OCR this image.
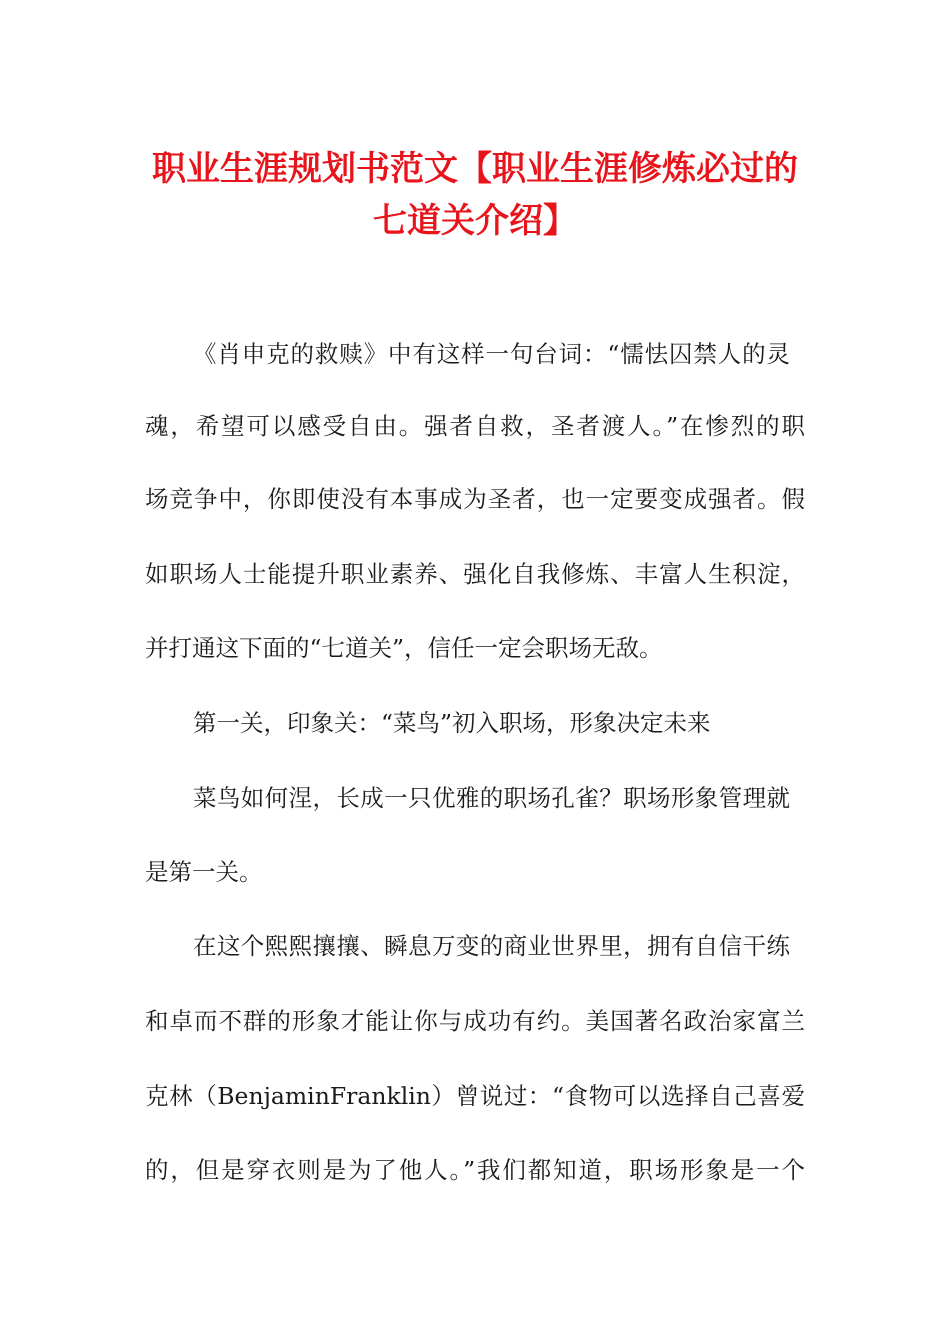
职业生涯规划书范文【职业生涯修炼必过的
七道关介绍】
《肖申克的救赎》中有这样一句台词：“懦怯囚禁人的灵
魂，希望可以感受自由。强者自救，圣者渡人。”在惨烈的职
场竞争中，你即使没有本事成为圣者，也一定要变成强者。假
如职场人士能提升职业素养、强化自我修炼、丰富人生积淀，
并打通这下面的“七道关”，信任一定会职场无敌。
第一关，印象关：“菜鸟”初入职场，形象决定未来
菜鸟如何涅，长成一只优雅的职场孔雀？职场形象管理就
是第一关。
在这个熙熙攘攘、瞬息万变的商业世界里，拥有自信干练
和卓而不群的形象才能让你与成功有约。美国著名政治家富兰
克林（BenjaminFranklin）曾说过：“食物可以选择自己喜爱
的，但是穿衣则是为了他人。”我们都知道，职场形象是一个
